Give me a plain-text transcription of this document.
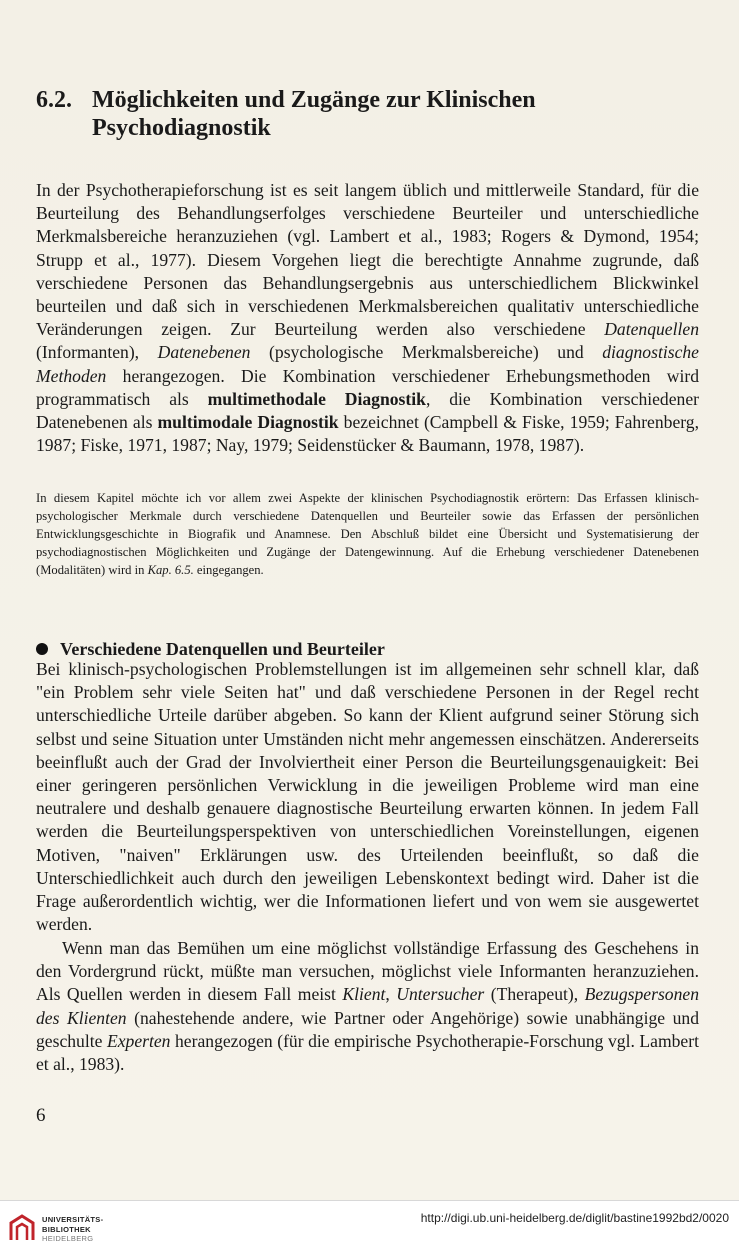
6.2. Möglichkeiten und Zugänge zur Klinischen
Psychodiagnostik

In der Psychotherapieforschung ist es seit langem üblich und mittlerweile Standard, für die Beurteilung des Behandlungserfolges verschiedene Beurteiler und unterschiedliche Merkmalsbereiche heranzuziehen (vgl. Lambert et al., 1983; Rogers & Dymond, 1954; Strupp et al., 1977). Diesem Vorgehen liegt die berechtigte Annahme zugrunde, daß verschiedene Personen das Behandlungsergebnis aus unterschiedlichem Blickwinkel beurteilen und daß sich in verschiedenen Merkmalsbereichen qualitativ unterschiedliche Veränderungen zeigen. Zur Beurteilung werden also verschiedene Datenquellen (Informanten), Datenebenen (psychologische Merkmalsbereiche) und diagnostische Methoden herangezogen. Die Kombination verschiedener Erhebungsmethoden wird programmatisch als multimethodale Diagnostik, die Kombination verschiedener Datenebenen als multimodale Diagnostik bezeichnet (Campbell & Fiske, 1959; Fahrenberg, 1987; Fiske, 1971, 1987; Nay, 1979; Seidenstücker & Baumann, 1978, 1987).

In diesem Kapitel möchte ich vor allem zwei Aspekte der klinischen Psychodiagnostik erörtern: Das Erfassen klinisch-psychologischer Merkmale durch verschiedene Datenquellen und Beurteiler sowie das Erfassen der persönlichen Entwicklungsgeschichte in Biografik und Anamnese. Den Abschluß bildet eine Übersicht und Systematisierung der psychodiagnostischen Möglichkeiten und Zugänge der Datengewinnung. Auf die Erhebung verschiedener Datenebenen (Modalitäten) wird in Kap. 6.5. eingegangen.

Verschiedene Datenquellen und Beurteiler

Bei klinisch-psychologischen Problemstellungen ist im allgemeinen sehr schnell klar, daß "ein Problem sehr viele Seiten hat" und daß verschiedene Personen in der Regel recht unterschiedliche Urteile darüber abgeben. So kann der Klient aufgrund seiner Störung sich selbst und seine Situation unter Umständen nicht mehr angemessen einschätzen. Andererseits beeinflußt auch der Grad der Involviertheit einer Person die Beurteilungsgenauigkeit: Bei einer geringeren persönlichen Verwicklung in die jeweiligen Probleme wird man eine neutralere und deshalb genauere diagnostische Beurteilung erwarten können. In jedem Fall werden die Beurteilungsperspektiven von unterschiedlichen Voreinstellungen, eigenen Motiven, "naiven" Erklärungen usw. des Urteilenden beeinflußt, so daß die Unterschiedlichkeit auch durch den jeweiligen Lebenskontext bedingt wird. Daher ist die Frage außerordentlich wichtig, wer die Informationen liefert und von wem sie ausgewertet werden.

Wenn man das Bemühen um eine möglichst vollständige Erfassung des Geschehens in den Vordergrund rückt, müßte man versuchen, möglichst viele Informanten heranzuziehen. Als Quellen werden in diesem Fall meist Klient, Untersucher (Therapeut), Bezugspersonen des Klienten (nahestehende andere, wie Partner oder Angehörige) sowie unabhängige und geschulte Experten herangezogen (für die empirische Psychotherapie-Forschung vgl. Lambert et al., 1983).

6

UNIVERSITÄTS-
BIBLIOTHEK
HEIDELBERG
http://digi.ub.uni-heidelberg.de/diglit/bastine1992bd2/0020
